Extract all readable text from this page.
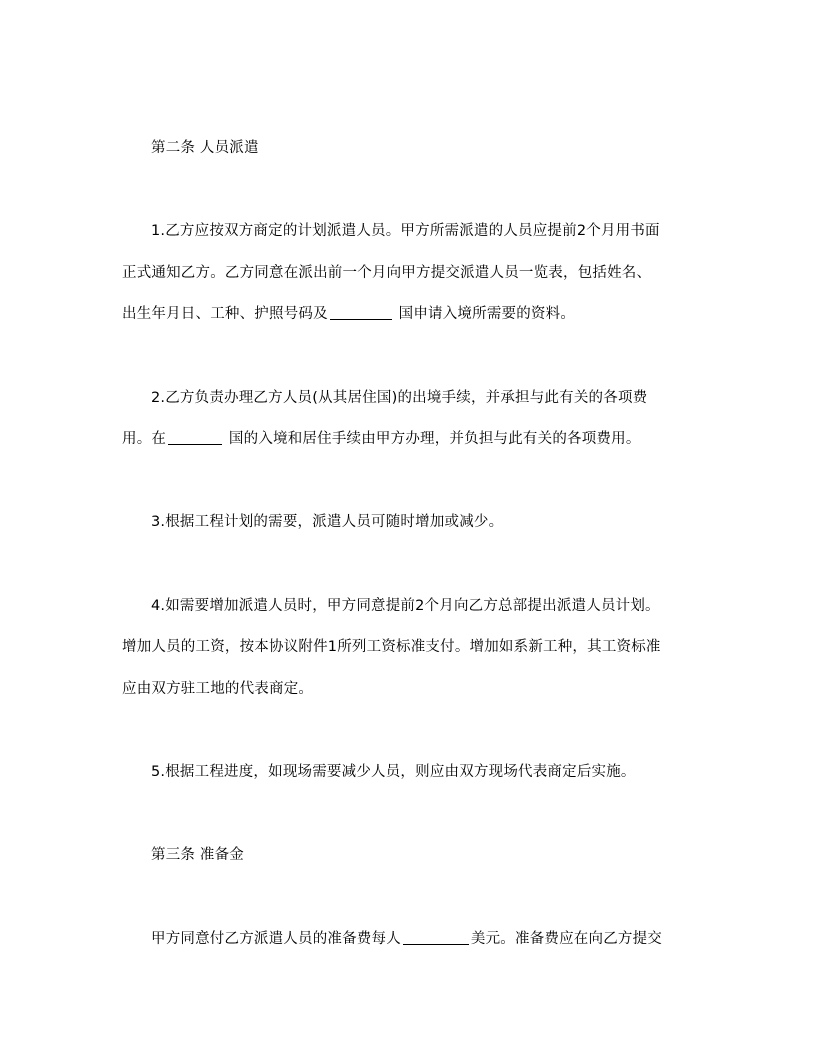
第二条 人员派遣
1.乙方应按双方商定的计划派遣人员。甲方所需派遣的人员应提前2个月用书面
正式通知乙方。乙方同意在派出前一个月向甲方提交派遣人员一览表，包括姓名、
出生年月日、工种、护照号码及	国申请入境所需要的资料。
2.乙方负责办理乙方人员(从其居住国)的出境手续，并承担与此有关的各项费
用。在	国的入境和居住手续由甲方办理，并负担与此有关的各项费用。
3.根据工程计划的需要，派遣人员可随时增加或减少。
4.如需要增加派遣人员时，甲方同意提前2个月向乙方总部提出派遣人员计划。
增加人员的工资，按本协议附件1所列工资标准支付。增加如系新工种，其工资标准
应由双方驻工地的代表商定。
5.根据工程进度，如现场需要减少人员，则应由双方现场代表商定后实施。
第三条 准备金
甲方同意付乙方派遣人员的准备费每人	美元。准备费应在向乙方提交
